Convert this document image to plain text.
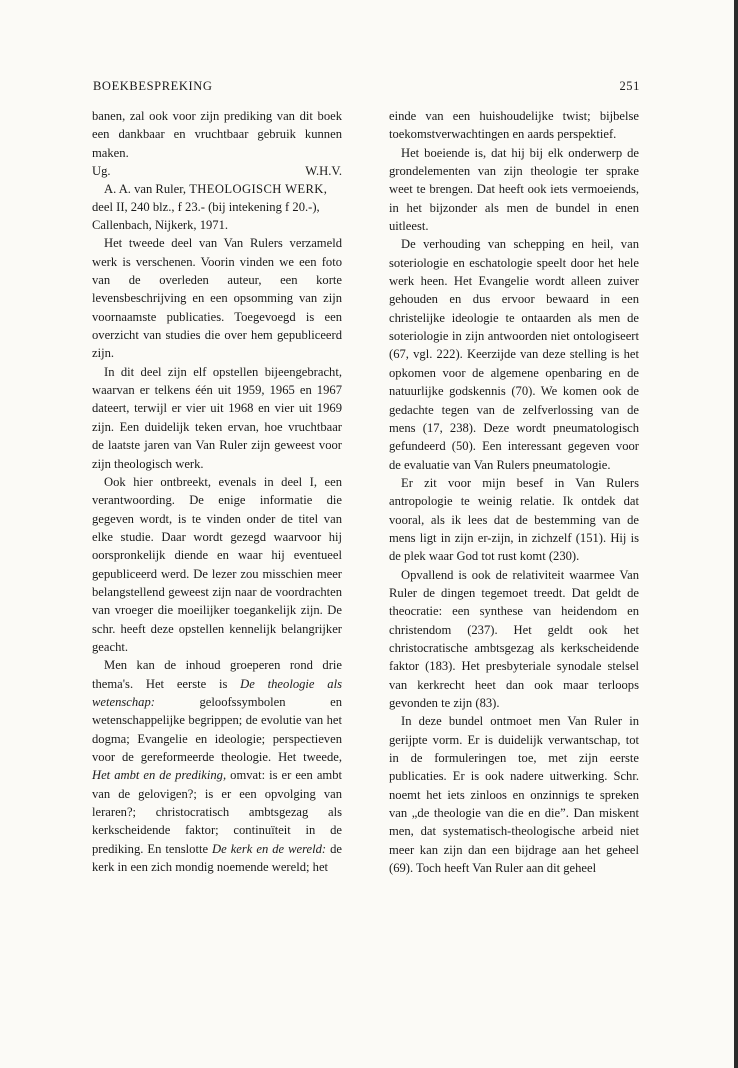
BOEKBESPREKING	251

banen, zal ook voor zijn prediking van dit boek een dankbaar en vruchtbaar gebruik kunnen maken.

Ug.	W.H.V.

A. A. van Ruler, THEOLOGISCH WERK, deel II, 240 blz., f 23.- (bij intekening f 20.-), Callenbach, Nijkerk, 1971.

Het tweede deel van Van Rulers verzameld werk is verschenen. Voorin vinden we een foto van de overleden auteur, een korte levensbeschrijving en een opsomming van zijn voornaamste publicaties. Toegevoegd is een overzicht van studies die over hem gepubliceerd zijn.

In dit deel zijn elf opstellen bijeengebracht, waarvan er telkens één uit 1959, 1965 en 1967 dateert, terwijl er vier uit 1968 en vier uit 1969 zijn. Een duidelijk teken ervan, hoe vruchtbaar de laatste jaren van Van Ruler zijn geweest voor zijn theologisch werk.

Ook hier ontbreekt, evenals in deel I, een verantwoording. De enige informatie die gegeven wordt, is te vinden onder de titel van elke studie. Daar wordt gezegd waarvoor hij oorspronkelijk diende en waar hij eventueel gepubliceerd werd. De lezer zou misschien meer belangstellend geweest zijn naar de voordrachten van vroeger die moeilijker toegankelijk zijn. De schr. heeft deze opstellen kennelijk belangrijker geacht.

Men kan de inhoud groeperen rond drie thema's. Het eerste is De theologie als wetenschap: geloofssymbolen en wetenschappelijke begrippen; de evolutie van het dogma; Evangelie en ideologie; perspectieven voor de gereformeerde theologie. Het tweede, Het ambt en de prediking, omvat: is er een ambt van de gelovigen?; is er een opvolging van leraren?; christocratisch ambtsgezag als kerkscheidende faktor; continuïteit in de prediking. En tenslotte De kerk en de wereld: de kerk in een zich mondig noemende wereld; het

einde van een huishoudelijke twist; bijbelse toekomstverwachtingen en aards perspektief.

Het boeiende is, dat hij bij elk onderwerp de grondelementen van zijn theologie ter sprake weet te brengen. Dat heeft ook iets vermoeiends, in het bijzonder als men de bundel in enen uitleest.

De verhouding van schepping en heil, van soteriologie en eschatologie speelt door het hele werk heen. Het Evangelie wordt alleen zuiver gehouden en dus ervoor bewaard in een christelijke ideologie te ontaarden als men de soteriologie in zijn antwoorden niet ontologiseert (67, vgl. 222). Keerzijde van deze stelling is het opkomen voor de algemene openbaring en de natuurlijke godskennis (70). We komen ook de gedachte tegen van de zelfverlossing van de mens (17, 238). Deze wordt pneumatologisch gefundeerd (50). Een interessant gegeven voor de evaluatie van Van Rulers pneumatologie.

Er zit voor mijn besef in Van Rulers antropologie te weinig relatie. Ik ontdek dat vooral, als ik lees dat de bestemming van de mens ligt in zijn er-zijn, in zichzelf (151). Hij is de plek waar God tot rust komt (230).

Opvallend is ook de relativiteit waarmee Van Ruler de dingen tegemoet treedt. Dat geldt de theocratie: een synthese van heidendom en christendom (237). Het geldt ook het christocratische ambtsgezag als kerkscheidende faktor (183). Het presbyteriale synodale stelsel van kerkrecht heet dan ook maar terloops gevonden te zijn (83).

In deze bundel ontmoet men Van Ruler in gerijpte vorm. Er is duidelijk verwantschap, tot in de formuleringen toe, met zijn eerste publicaties. Er is ook nadere uitwerking. Schr. noemt het iets zinloos en onzinnigs te spreken van „de theologie van die en die”. Dan miskent men, dat systematisch-theologische arbeid niet meer kan zijn dan een bijdrage aan het geheel (69). Toch heeft Van Ruler aan dit geheel
